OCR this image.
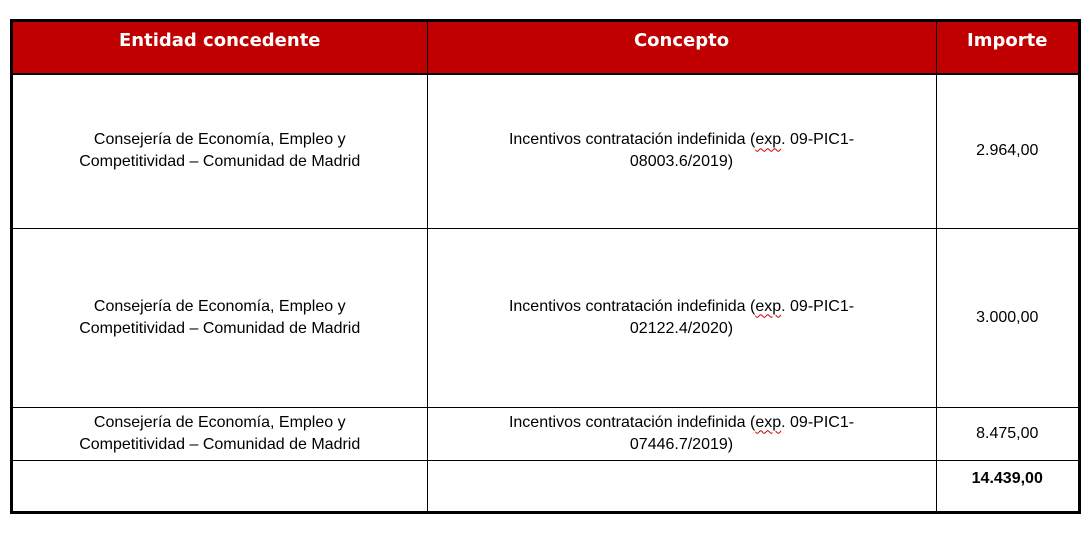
Entidad concedente	Concepto	Importe
Consejería de Economía, Empleo y
Competitividad – Comunidad de Madrid	Incentivos contratación indefinida (exp. 09-PIC1-
08003.6/2019)	2.964,00
Consejería de Economía, Empleo y
Competitividad – Comunidad de Madrid	Incentivos contratación indefinida (exp. 09-PIC1-
02122.4/2020)	3.000,00
Consejería de Economía, Empleo y
Competitividad – Comunidad de Madrid	Incentivos contratación indefinida (exp. 09-PIC1-
07446.7/2019)	8.475,00
		14.439,00
